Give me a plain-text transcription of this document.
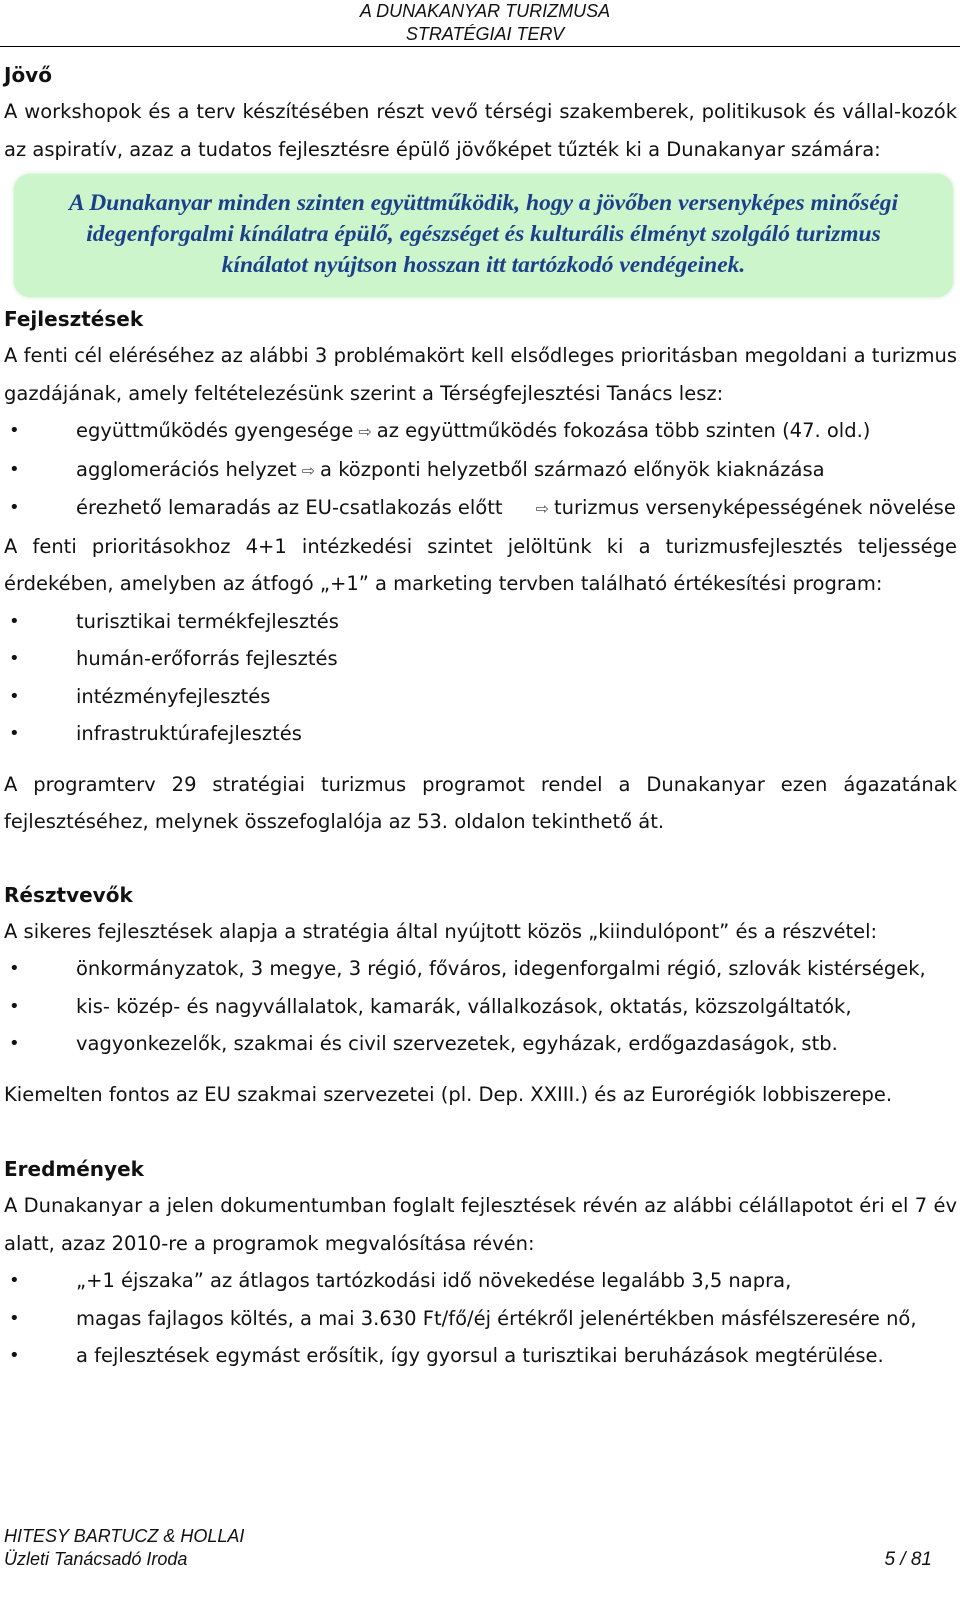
A DUNAKANYAR TURIZMUSA
STRATÉGIAI TERV
Jövő

A workshopok és a terv készítésében részt vevő térségi szakemberek, politikusok és vállal-kozók az aspiratív, azaz a tudatos fejlesztésre épülő jövőképet tűzték ki a Dunakanyar számára:

A Dunakanyar minden szinten együttműködik, hogy a jövőben versenyképes minőségi idegenforgalmi kínálatra épülő, egészséget és kulturális élményt szolgáló turizmus kínálatot nyújtson hosszan itt tartózkodó vendégeinek.
Fejlesztések

A fenti cél eléréséhez az alábbi 3 problémakört kell elsődleges prioritásban megoldani a turizmus gazdájának, amely feltételezésünk szerint a Térségfejlesztési Tanács lesz:

• együttműködés gyengesége ⇨ az együttműködés fokozása több szinten (47. old.)
• agglomerációs helyzet ⇨ a központi helyzetből származó előnyök kiaknázása
• érezhető lemaradás az EU-csatlakozás előtt ⇨ turizmus versenyképességének növelése

A fenti prioritásokhoz 4+1 intézkedési szintet jelöltünk ki a turizmusfejlesztés teljessége érdekében, amelyben az átfogó „+1” a marketing tervben található értékesítési program:

• turisztikai termékfejlesztés
• humán-erőforrás fejlesztés
• intézményfejlesztés
• infrastruktúrafejlesztés

A programterv 29 stratégiai turizmus programot rendel a Dunakanyar ezen ágazatának fejlesztéséhez, melynek összefoglalója az 53. oldalon tekinthető át.

Résztvevők

A sikeres fejlesztések alapja a stratégia által nyújtott közös „kiindulópont” és a részvétel:

• önkormányzatok, 3 megye, 3 régió, főváros, idegenforgalmi régió, szlovák kistérségek,
• kis- közép- és nagyvállalatok, kamarák, vállalkozások, oktatás, közszolgáltatók,
• vagyonkezelők, szakmai és civil szervezetek, egyházak, erdőgazdaságok, stb.

Kiemelten fontos az EU szakmai szervezetei (pl. Dep. XXIII.) és az Eurorégiók lobbiszerepe.

Eredmények

A Dunakanyar a jelen dokumentumban foglalt fejlesztések révén az alábbi célállapotot éri el 7 év alatt, azaz 2010-re a programok megvalósítása révén:

• „+1 éjszaka” az átlagos tartózkodási idő növekedése legalább 3,5 napra,
• magas fajlagos költés, a mai 3.630 Ft/fő/éj értékről jelenértékben másfélszeresére nő,
• a fejlesztések egymást erősítik, így gyorsul a turisztikai beruházások megtérülése.
HITESY BARTUCZ & HOLLAI
Üzleti Tanácsadó Iroda	5 / 81
